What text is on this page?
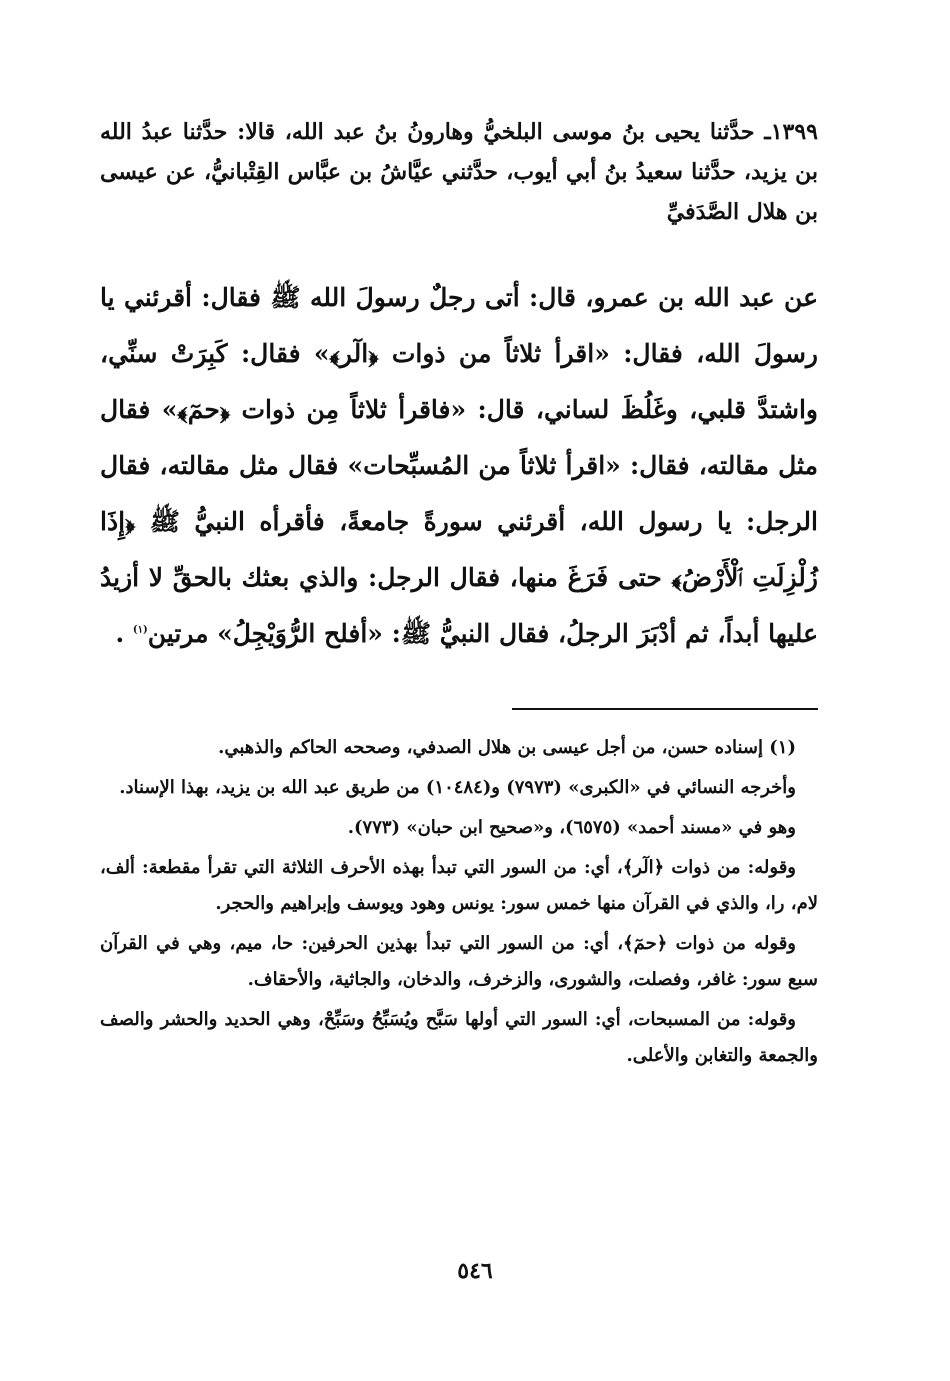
١٣٩٩ـ حدَّثنا يحيى بنُ موسى البلخيُّ وهارونُ بنُ عبد الله، قالا: حدَّثنا عبدُ الله بن يزيد، حدَّثنا سعيدُ بنُ أبي أيوب، حدَّثني عيَّاشُ بن عبَّاس القِتْبانيُّ، عن عيسى بن هلال الصَّدَفيِّ

عن عبد الله بن عمرو، قال: أتى رجلٌ رسولَ الله ﷺ فقال: أقرئني يا رسولَ الله، فقال: «اقرأ ثلاثاً من ذوات ﴿الٓر﴾» فقال: كَبِرَتْ سنِّي، واشتدَّ قلبي، وغَلُظَ لساني، قال: «فاقرأ ثلاثاً مِن ذوات ﴿حمٓ﴾» فقال مثل مقالته، فقال: «اقرأ ثلاثاً من المُسبِّحات» فقال مثل مقالته، فقال الرجل: يا رسول الله، أقرئني سورةً جامعةً، فأقرأه النبيُّ ﷺ ﴿إِذَا زُلْزِلَتِ ٱلْأَرْضُ﴾ حتى فَرَغَ منها، فقال الرجل: والذي بعثك بالحقِّ لا أزيدُ عليها أبداً، ثم أدْبَرَ الرجلُ، فقال النبيُّ ﷺ: «أفلح الرُّوَيْجِلُ» مرتين$^{(١)}$ .

(١) إسناده حسن، من أجل عيسى بن هلال الصدفي، وصححه الحاكم والذهبي.

وأخرجه النسائي في «الكبرى» (٧٩٧٣) و(١٠٤٨٤) من طريق عبد الله بن يزيد، بهذا الإسناد.

وهو في «مسند أحمد» (٦٥٧٥)، و«صحيح ابن حبان» (٧٧٣).

وقوله: من ذوات ﴿الٓر﴾، أي: من السور التي تبدأ بهذه الأحرف الثلاثة التي تقرأ مقطعة: ألف، لام، را، والذي في القرآن منها خمس سور: يونس وهود ويوسف وإبراهيم والحجر.

وقوله من ذوات ﴿حمٓ﴾، أي: من السور التي تبدأ بهذين الحرفين: حا، ميم، وهي في القرآن سبع سور: غافر، وفصلت، والشورى، والزخرف، والدخان، والجاثية، والأحقاف.

وقوله: من المسبحات، أي: السور التي أولها سَبَّح ويُسَبِّحُ وسَبِّحْ، وهي الحديد والحشر والصف والجمعة والتغابن والأعلى.

٥٤٦
